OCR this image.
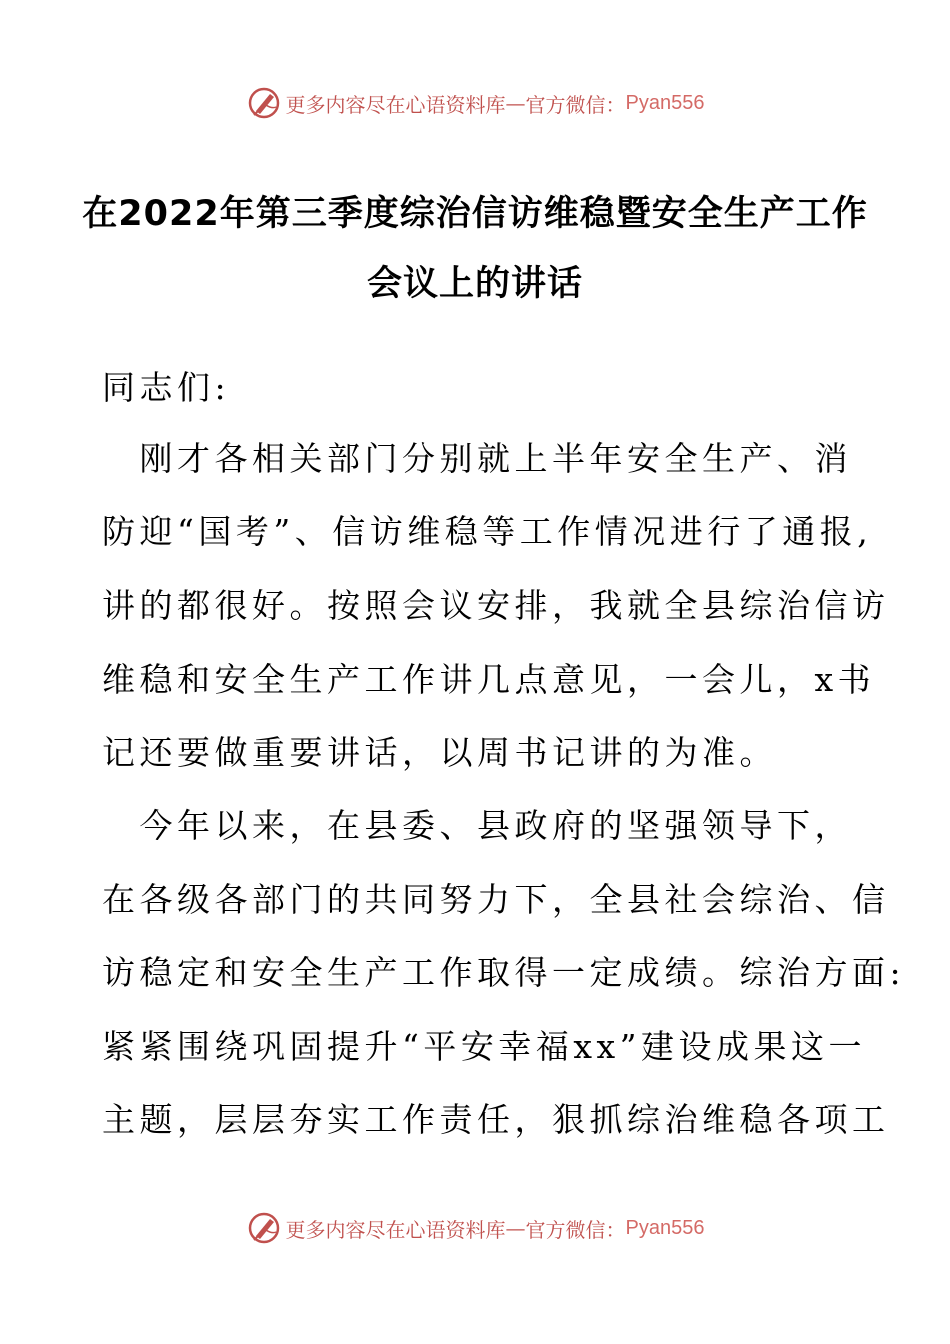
更多内容尽在心语资料库 — 官方微信： Pyan556
在2022年第三季度综治信访维稳暨安全生产工作
会议上的讲话
同志们:
　刚才各相关部门分别就上半年安全生产、消
防迎“国考”、信访维稳等工作情况进行了通报,
讲的都很好。按照会议安排，我就全县综治信访
维稳和安全生产工作讲几点意见，一会儿，x书
记还要做重要讲话，以周书记讲的为准。
　今年以来，在县委、县政府的坚强领导下，
在各级各部门的共同努力下，全县社会综治、信
访稳定和安全生产工作取得一定成绩。综治方面:
紧紧围绕巩固提升“平安幸福xx”建设成果这一
主题，层层夯实工作责任，狠抓综治维稳各项工
更多内容尽在心语资料库 — 官方微信： Pyan556
